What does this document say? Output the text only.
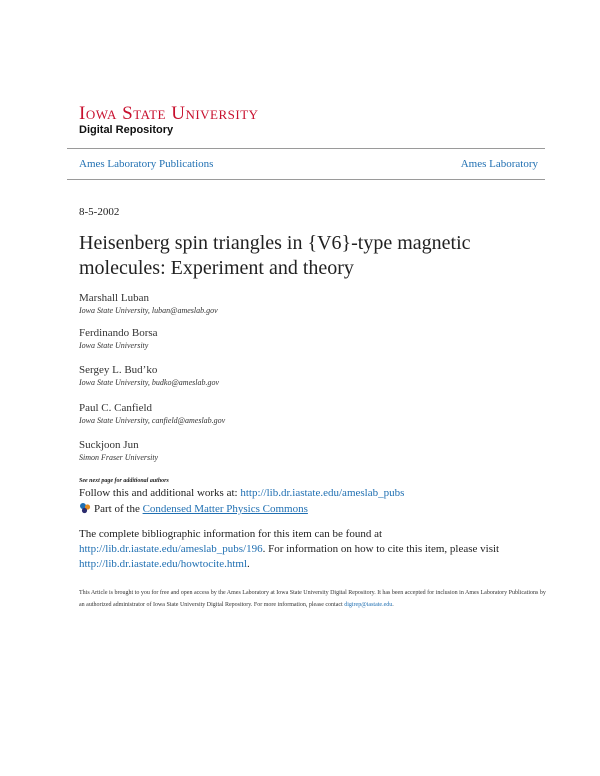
Iowa State University
Digital Repository
Ames Laboratory Publications	Ames Laboratory
8-5-2002
Heisenberg spin triangles in {V6}-type magnetic molecules: Experiment and theory
Marshall Luban
Iowa State University, luban@ameslab.gov
Ferdinando Borsa
Iowa State University
Sergey L. Bud’ko
Iowa State University, budko@ameslab.gov
Paul C. Canfield
Iowa State University, canfield@ameslab.gov
Suckjoon Jun
Simon Fraser University
See next page for additional authors
Follow this and additional works at: http://lib.dr.iastate.edu/ameslab_pubs
Part of the Condensed Matter Physics Commons
The complete bibliographic information for this item can be found at http://lib.dr.iastate.edu/ameslab_pubs/196. For information on how to cite this item, please visit http://lib.dr.iastate.edu/howtocite.html.
This Article is brought to you for free and open access by the Ames Laboratory at Iowa State University Digital Repository. It has been accepted for inclusion in Ames Laboratory Publications by an authorized administrator of Iowa State University Digital Repository. For more information, please contact digirep@iastate.edu.
